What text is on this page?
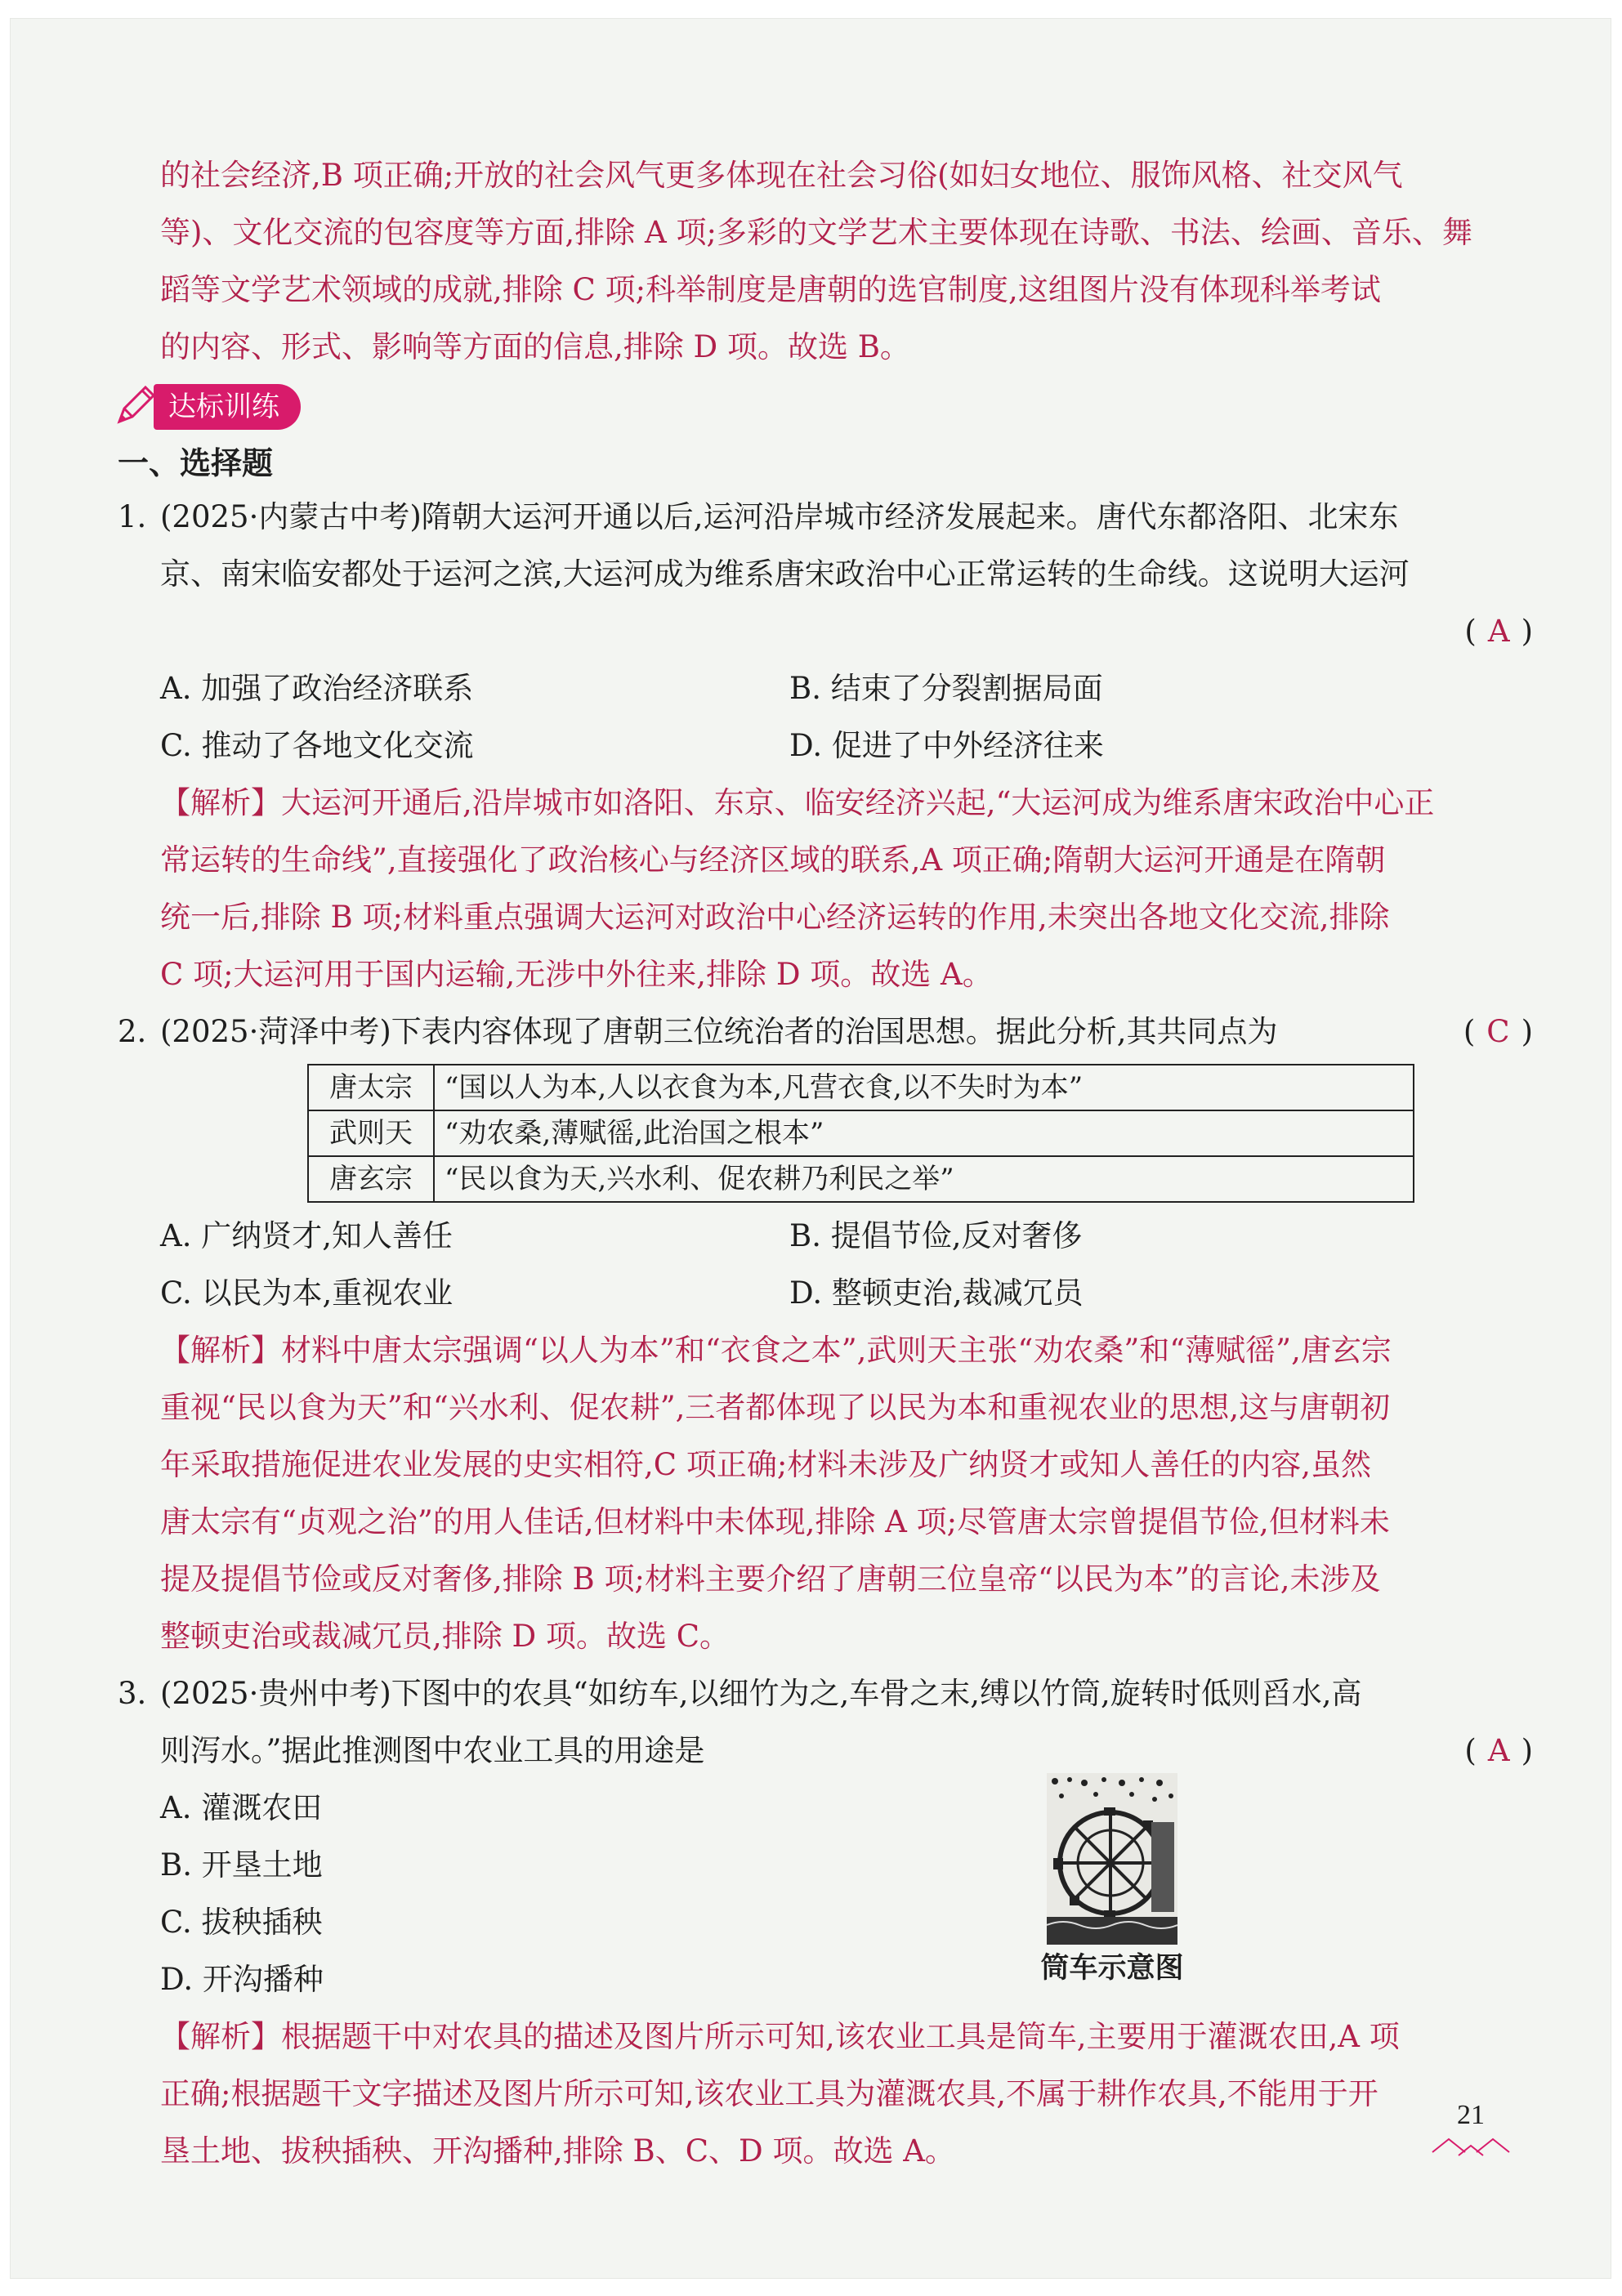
的社会经济,B 项正确;开放的社会风气更多体现在社会习俗(如妇女地位、服饰风格、社交风气
等)、文化交流的包容度等方面,排除 A 项;多彩的文学艺术主要体现在诗歌、书法、绘画、音乐、舞
蹈等文学艺术领域的成就,排除 C 项;科举制度是唐朝的选官制度,这组图片没有体现科举考试
的内容、形式、影响等方面的信息,排除 D 项。故选 B。
达标训练
一、选择题
1. (2025·内蒙古中考)隋朝大运河开通以后,运河沿岸城市经济发展起来。唐代东都洛阳、北宋东
京、南宋临安都处于运河之滨,大运河成为维系唐宋政治中心正常运转的生命线。这说明大运河
( A )
A. 加强了政治经济联系	B. 结束了分裂割据局面
C. 推动了各地文化交流	D. 促进了中外经济往来
【解析】大运河开通后,沿岸城市如洛阳、东京、临安经济兴起,“大运河成为维系唐宋政治中心正
常运转的生命线”,直接强化了政治核心与经济区域的联系,A 项正确;隋朝大运河开通是在隋朝
统一后,排除 B 项;材料重点强调大运河对政治中心经济运转的作用,未突出各地文化交流,排除
C 项;大运河用于国内运输,无涉中外往来,排除 D 项。故选 A。
2. (2025·菏泽中考)下表内容体现了唐朝三位统治者的治国思想。据此分析,其共同点为	( C )
唐太宗	“国以人为本,人以衣食为本,凡营衣食,以不失时为本”
武则天	“劝农桑,薄赋徭,此治国之根本”
唐玄宗	“民以食为天,兴水利、促农耕乃利民之举”
A. 广纳贤才,知人善任	B. 提倡节俭,反对奢侈
C. 以民为本,重视农业	D. 整顿吏治,裁减冗员
【解析】材料中唐太宗强调“以人为本”和“衣食之本”,武则天主张“劝农桑”和“薄赋徭”,唐玄宗
重视“民以食为天”和“兴水利、促农耕”,三者都体现了以民为本和重视农业的思想,这与唐朝初
年采取措施促进农业发展的史实相符,C 项正确;材料未涉及广纳贤才或知人善任的内容,虽然
唐太宗有“贞观之治”的用人佳话,但材料中未体现,排除 A 项;尽管唐太宗曾提倡节俭,但材料未
提及提倡节俭或反对奢侈,排除 B 项;材料主要介绍了唐朝三位皇帝“以民为本”的言论,未涉及
整顿吏治或裁减冗员,排除 D 项。故选 C。
3. (2025·贵州中考)下图中的农具“如纺车,以细竹为之,车骨之末,缚以竹筒,旋转时低则舀水,高
则泻水。”据此推测图中农业工具的用途是	( A )
A. 灌溉农田
B. 开垦土地
C. 拔秧插秧
D. 开沟播种	筒车示意图
【解析】根据题干中对农具的描述及图片所示可知,该农业工具是筒车,主要用于灌溉农田,A 项
正确;根据题干文字描述及图片所示可知,该农业工具为灌溉农具,不属于耕作农具,不能用于开
垦土地、拔秧插秧、开沟播种,排除 B、C、D 项。故选 A。
21
